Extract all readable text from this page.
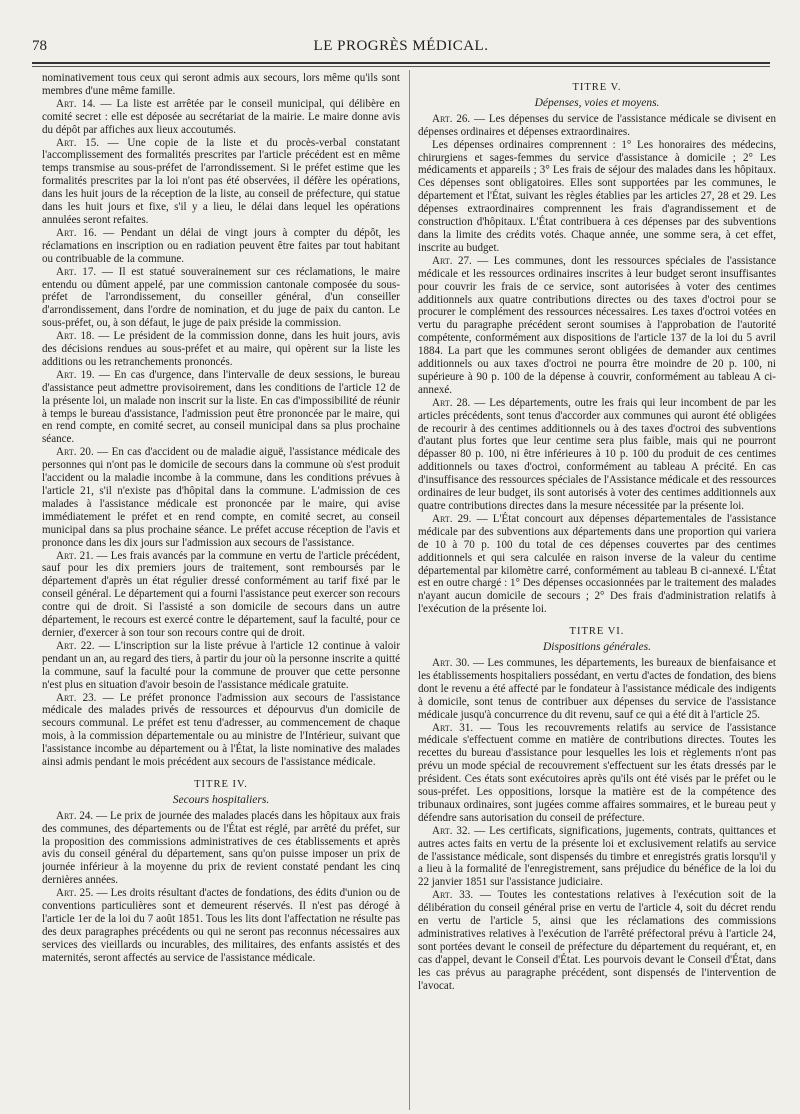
78	LE PROGRÈS MÉDICAL.

nominativement tous ceux qui seront admis aux secours, lors même qu'ils sont membres d'une même famille.

Art. 14. — La liste est arrêtée par le conseil municipal, qui délibère en comité secret : elle est déposée au secrétariat de la mairie. Le maire donne avis du dépôt par affiches aux lieux accoutumés.

Art. 15. — Une copie de la liste et du procès-verbal constatant l'accomplissement des formalités prescrites par l'article précédent est en même temps transmise au sous-préfet de l'arrondissement. Si le préfet estime que les formalités prescrites par la loi n'ont pas été observées, il défère les opérations, dans les huit jours de la réception de la liste, au conseil de préfecture, qui statue dans les huit jours et fixe, s'il y a lieu, le délai dans lequel les opérations annulées seront refaites.

Art. 16. — Pendant un délai de vingt jours à compter du dépôt, les réclamations en inscription ou en radiation peuvent être faites par tout habitant ou contribuable de la commune.

Art. 17. — Il est statué souverainement sur ces réclamations, le maire entendu ou dûment appelé, par une commission cantonale composée du sous-préfet de l'arrondissement, du conseiller général, d'un conseiller d'arrondissement, dans l'ordre de nomination, et du juge de paix du canton. Le sous-préfet, ou, à son défaut, le juge de paix préside la commission.

Art. 18. — Le président de la commission donne, dans les huit jours, avis des décisions rendues au sous-préfet et au maire, qui opèrent sur la liste les additions ou les retranchements prononcés.

Art. 19. — En cas d'urgence, dans l'intervalle de deux sessions, le bureau d'assistance peut admettre provisoirement, dans les conditions de l'article 12 de la présente loi, un malade non inscrit sur la liste. En cas d'impossibilité de réunir à temps le bureau d'assistance, l'admission peut être prononcée par le maire, qui en rend compte, en comité secret, au conseil municipal dans sa plus prochaine séance.

Art. 20. — En cas d'accident ou de maladie aiguë, l'assistance médicale des personnes qui n'ont pas le domicile de secours dans la commune où s'est produit l'accident ou la maladie incombe à la commune, dans les conditions prévues à l'article 21, s'il n'existe pas d'hôpital dans la commune. L'admission de ces malades à l'assistance médicale est prononcée par le maire, qui avise immédiatement le préfet et en rend compte, en comité secret, au conseil municipal dans sa plus prochaine séance. Le préfet accuse réception de l'avis et prononce dans les dix jours sur l'admission aux secours de l'assistance.

Art. 21. — Les frais avancés par la commune en vertu de l'article précédent, sauf pour les dix premiers jours de traitement, sont remboursés par le département d'après un état régulier dressé conformément au tarif fixé par le conseil général. Le département qui a fourni l'assistance peut exercer son recours contre qui de droit. Si l'assisté a son domicile de secours dans un autre département, le recours est exercé contre le département, sauf la faculté, pour ce dernier, d'exercer à son tour son recours contre qui de droit.

Art. 22. — L'inscription sur la liste prévue à l'article 12 continue à valoir pendant un an, au regard des tiers, à partir du jour où la personne inscrite a quitté la commune, sauf la faculté pour la commune de prouver que cette personne n'est plus en situation d'avoir besoin de l'assistance médicale gratuite.

Art. 23. — Le préfet prononce l'admission aux secours de l'assistance médicale des malades privés de ressources et dépourvus d'un domicile de secours communal. Le préfet est tenu d'adresser, au commencement de chaque mois, à la commission départementale ou au ministre de l'Intérieur, suivant que l'assistance incombe au département ou à l'État, la liste nominative des malades ainsi admis pendant le mois précédent aux secours de l'assistance médicale.

TITRE IV.
Secours hospitaliers.

Art. 24. — Le prix de journée des malades placés dans les hôpitaux aux frais des communes, des départements ou de l'État est réglé, par arrêté du préfet, sur la proposition des commissions administratives de ces établissements et après avis du conseil général du département, sans qu'on puisse imposer un prix de journée inférieur à la moyenne du prix de revient constaté pendant les cinq dernières années.

Art. 25. — Les droits résultant d'actes de fondations, des édits d'union ou de conventions particulières sont et demeurent réservés. Il n'est pas dérogé à l'article 1er de la loi du 7 août 1851. Tous les lits dont l'affectation ne résulte pas des deux paragraphes précédents ou qui ne seront pas reconnus nécessaires aux services des vieillards ou incurables, des militaires, des enfants assistés et des maternités, seront affectés au service de l'assistance médicale.

TITRE V.
Dépenses, voies et moyens.

Art. 26. — Les dépenses du service de l'assistance médicale se divisent en dépenses ordinaires et dépenses extraordinaires.

Les dépenses ordinaires comprennent : 1° Les honoraires des médecins, chirurgiens et sages-femmes du service d'assistance à domicile ; 2° Les médicaments et appareils ; 3° Les frais de séjour des malades dans les hôpitaux. Ces dépenses sont obligatoires. Elles sont supportées par les communes, le département et l'État, suivant les règles établies par les articles 27, 28 et 29. Les dépenses extraordinaires comprennent les frais d'agrandissement et de construction d'hôpitaux. L'État contribuera à ces dépenses par des subventions dans la limite des crédits votés. Chaque année, une somme sera, à cet effet, inscrite au budget.

Art. 27. — Les communes, dont les ressources spéciales de l'assistance médicale et les ressources ordinaires inscrites à leur budget seront insuffisantes pour couvrir les frais de ce service, sont autorisées à voter des centimes additionnels aux quatre contributions directes ou des taxes d'octroi pour se procurer le complément des ressources nécessaires. Les taxes d'octroi votées en vertu du paragraphe précédent seront soumises à l'approbation de l'autorité compétente, conformément aux dispositions de l'article 137 de la loi du 5 avril 1884. La part que les communes seront obligées de demander aux centimes additionnels ou aux taxes d'octroi ne pourra être moindre de 20 p. 100, ni supérieure à 90 p. 100 de la dépense à couvrir, conformément au tableau A ci-annexé.

Art. 28. — Les départements, outre les frais qui leur incombent de par les articles précédents, sont tenus d'accorder aux communes qui auront été obligées de recourir à des centimes additionnels ou à des taxes d'octroi des subventions d'autant plus fortes que leur centime sera plus faible, mais qui ne pourront dépasser 80 p. 100, ni être inférieures à 10 p. 100 du produit de ces centimes additionnels ou taxes d'octroi, conformément au tableau A précité. En cas d'insuffisance des ressources spéciales de l'Assistance médicale et des ressources ordinaires de leur budget, ils sont autorisés à voter des centimes additionnels aux quatre contributions directes dans la mesure nécessitée par la présente loi.

Art. 29. — L'État concourt aux dépenses départementales de l'assistance médicale par des subventions aux départements dans une proportion qui variera de 10 à 70 p. 100 du total de ces dépenses couvertes par des centimes additionnels et qui sera calculée en raison inverse de la valeur du centime départemental par kilomètre carré, conformément au tableau B ci-annexé. L'État est en outre chargé : 1° Des dépenses occasionnées par le traitement des malades n'ayant aucun domicile de secours ; 2° Des frais d'administration relatifs à l'exécution de la présente loi.

TITRE VI.
Dispositions générales.

Art. 30. — Les communes, les départements, les bureaux de bienfaisance et les établissements hospitaliers possédant, en vertu d'actes de fondation, des biens dont le revenu a été affecté par le fondateur à l'assistance médicale des indigents à domicile, sont tenus de contribuer aux dépenses du service de l'assistance médicale jusqu'à concurrence du dit revenu, sauf ce qui a été dit à l'article 25.

Art. 31. — Tous les recouvrements relatifs au service de l'assistance médicale s'effectuent comme en matière de contributions directes. Toutes les recettes du bureau d'assistance pour lesquelles les lois et règlements n'ont pas prévu un mode spécial de recouvrement s'effectuent sur les états dressés par le président. Ces états sont exécutoires après qu'ils ont été visés par le préfet ou le sous-préfet. Les oppositions, lorsque la matière est de la compétence des tribunaux ordinaires, sont jugées comme affaires sommaires, et le bureau peut y défendre sans autorisation du conseil de préfecture.

Art. 32. — Les certificats, significations, jugements, contrats, quittances et autres actes faits en vertu de la présente loi et exclusivement relatifs au service de l'assistance médicale, sont dispensés du timbre et enregistrés gratis lorsqu'il y a lieu à la formalité de l'enregistrement, sans préjudice du bénéfice de la loi du 22 janvier 1851 sur l'assistance judiciaire.

Art. 33. — Toutes les contestations relatives à l'exécution soit de la délibération du conseil général prise en vertu de l'article 4, soit du décret rendu en vertu de l'article 5, ainsi que les réclamations des commissions administratives relatives à l'exécution de l'arrêté préfectoral prévu à l'article 24, sont portées devant le conseil de préfecture du département du requérant, et, en cas d'appel, devant le Conseil d'État. Les pourvois devant le Conseil d'État, dans les cas prévus au paragraphe précédent, sont dispensés de l'intervention de l'avocat.
